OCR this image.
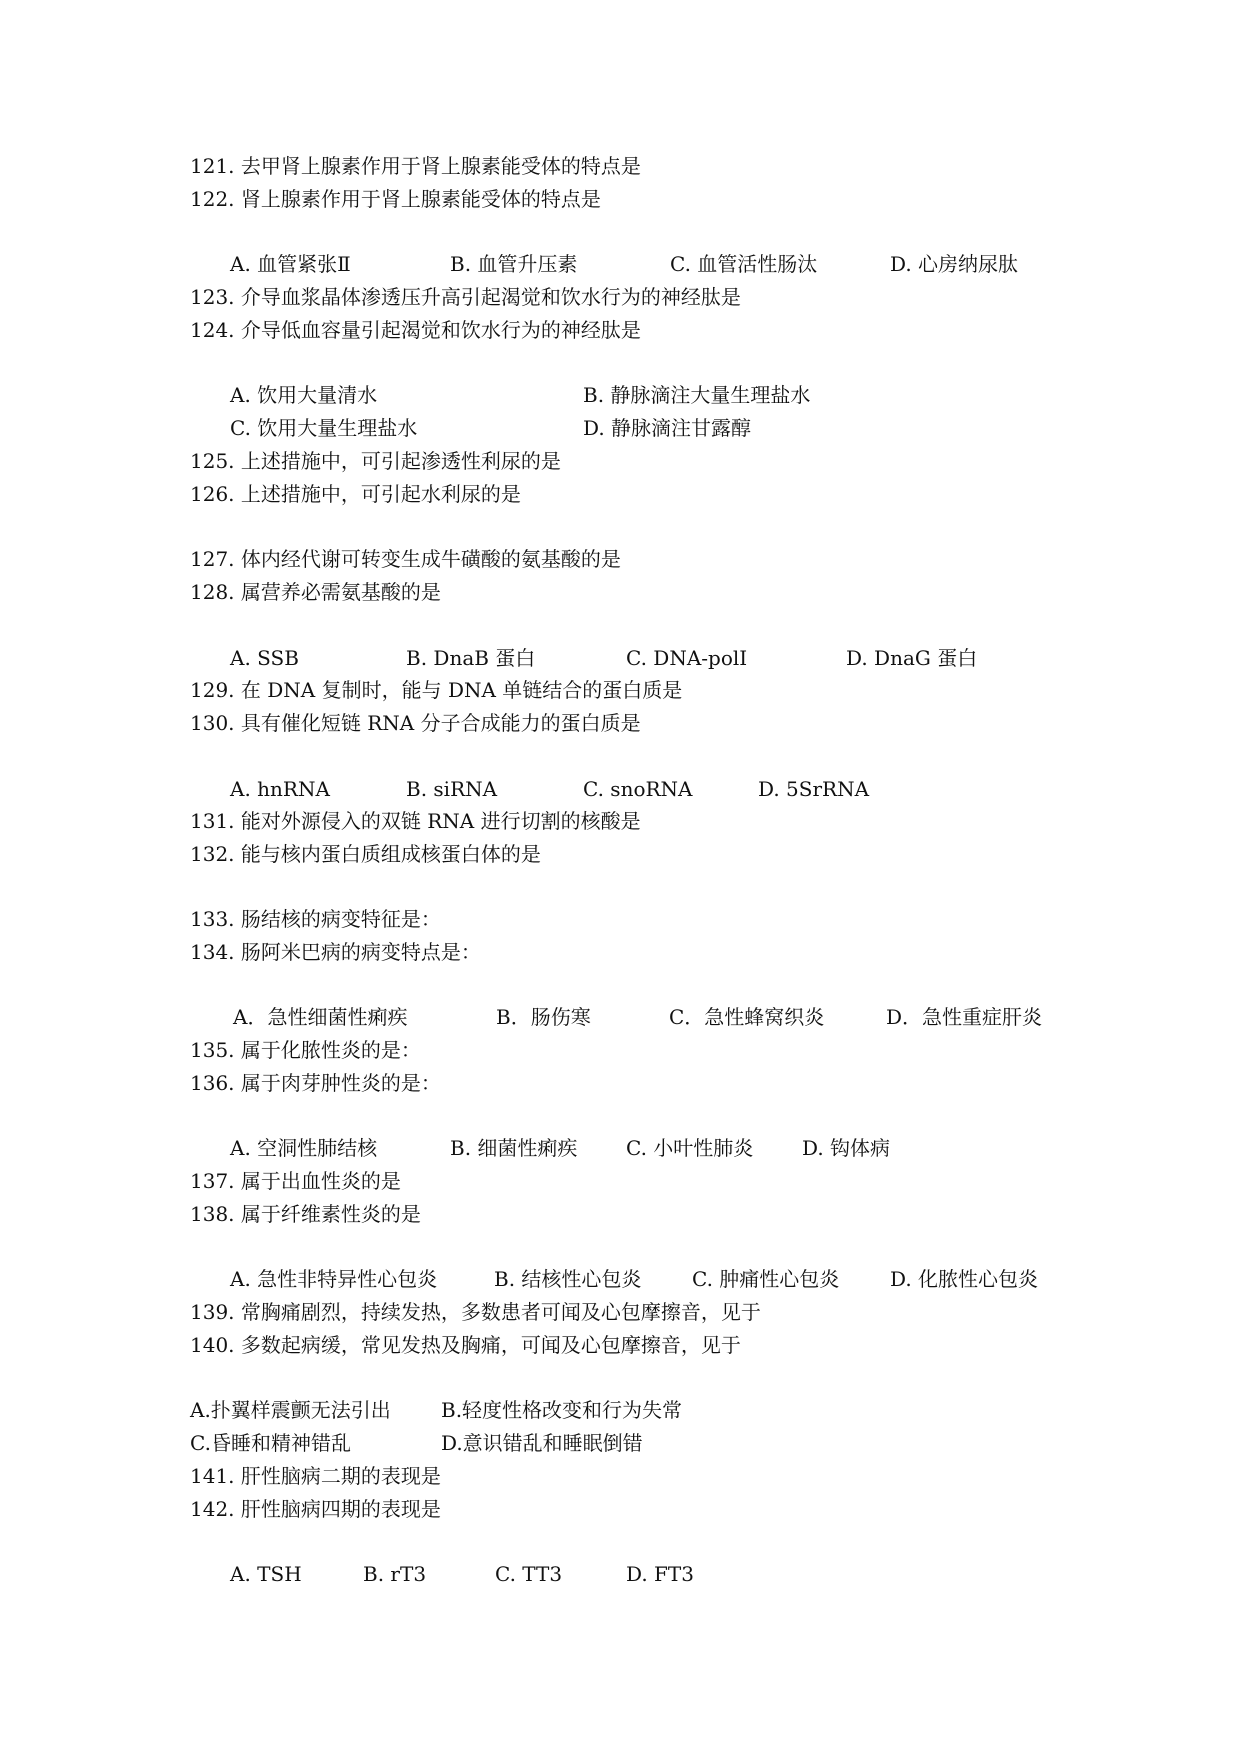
121. 去甲肾上腺素作用于肾上腺素能受体的特点是
122. 肾上腺素作用于肾上腺素能受体的特点是
A. 血管紧张Ⅱ	B. 血管升压素	C. 血管活性肠汰	D. 心房纳尿肽
123. 介导血浆晶体渗透压升高引起渴觉和饮水行为的神经肽是
124. 介导低血容量引起渴觉和饮水行为的神经肽是
A. 饮用大量清水	B. 静脉滴注大量生理盐水
C. 饮用大量生理盐水	D. 静脉滴注甘露醇
125. 上述措施中，可引起渗透性利尿的是
126. 上述措施中，可引起水利尿的是
127. 体内经代谢可转变生成牛磺酸的氨基酸的是
128. 属营养必需氨基酸的是
A. SSB	B. DnaB 蛋白	C. DNA-polⅠ	D. DnaG 蛋白
129. 在 DNA 复制时，能与 DNA 单链结合的蛋白质是
130. 具有催化短链 RNA 分子合成能力的蛋白质是
A. hnRNA	B. siRNA	C. snoRNA	D. 5SrRNA
131. 能对外源侵入的双链 RNA 进行切割的核酸是
132. 能与核内蛋白质组成核蛋白体的是
133. 肠结核的病变特征是：
134. 肠阿米巴病的病变特点是：
A．急性细菌性痢疾	B．肠伤寒	C．急性蜂窝织炎	D．急性重症肝炎
135. 属于化脓性炎的是：
136. 属于肉芽肿性炎的是：
A. 空洞性肺结核	B. 细菌性痢疾 C. 小叶性肺炎 D. 钩体病
137. 属于出血性炎的是
138. 属于纤维素性炎的是
A. 急性非特异性心包炎	B. 结核性心包炎	C. 肿痛性心包炎	D. 化脓性心包炎
139. 常胸痛剧烈，持续发热，多数患者可闻及心包摩擦音，见于
140. 多数起病缓，常见发热及胸痛，可闻及心包摩擦音，见于
A.扑翼样震颤无法引出	B.轻度性格改变和行为失常
C.昏睡和精神错乱	D.意识错乱和睡眠倒错
141. 肝性脑病二期的表现是
142. 肝性脑病四期的表现是
A. TSH	B. rT3	C. TT3	D. FT3
